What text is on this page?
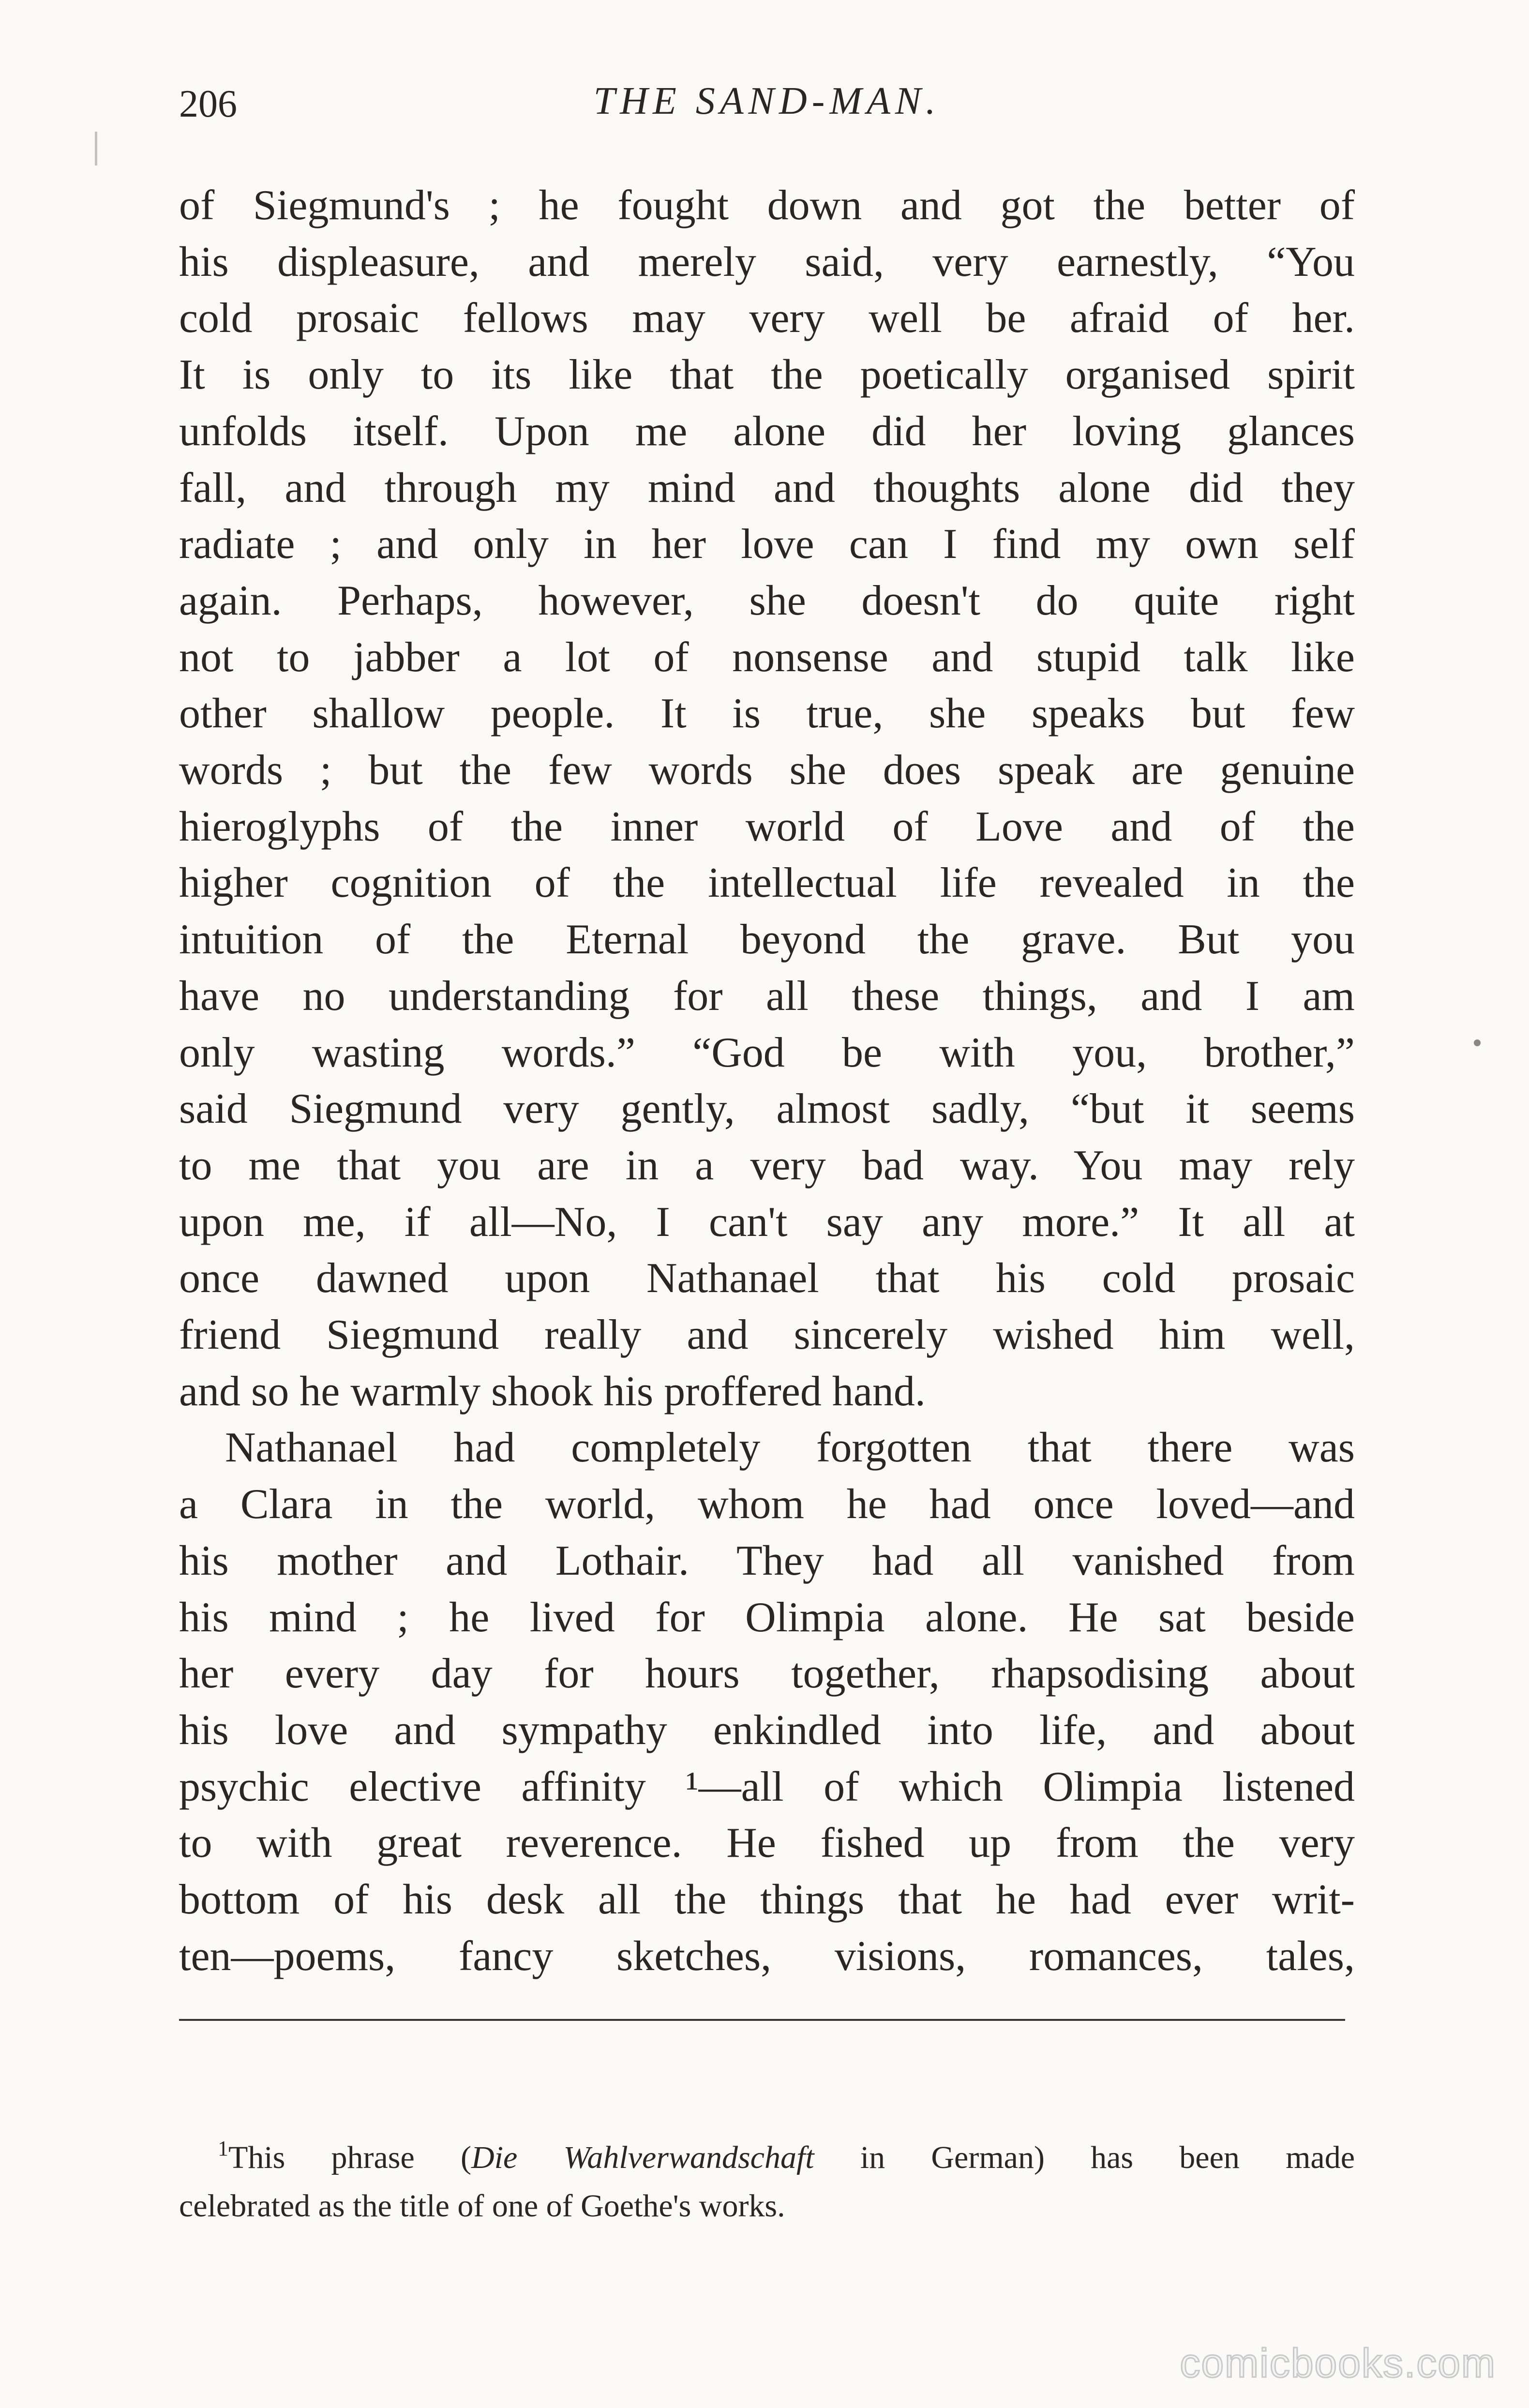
206	THE SAND-MAN.
of Siegmund's ; he fought down and got the better of
his displeasure, and merely said, very earnestly, “You
cold prosaic fellows may very well be afraid of her.
It is only to its like that the poetically organised spirit
unfolds itself. Upon me alone did her loving glances
fall, and through my mind and thoughts alone did they
radiate ; and only in her love can I find my own self
again. Perhaps, however, she doesn't do quite right
not to jabber a lot of nonsense and stupid talk like
other shallow people. It is true, she speaks but few
words ; but the few words she does speak are genuine
hieroglyphs of the inner world of Love and of the
higher cognition of the intellectual life revealed in the
intuition of the Eternal beyond the grave. But you
have no understanding for all these things, and I am
only wasting words.” “God be with you, brother,”
said Siegmund very gently, almost sadly, “but it seems
to me that you are in a very bad way. You may rely
upon me, if all—No, I can't say any more.” It all at
once dawned upon Nathanael that his cold prosaic
friend Siegmund really and sincerely wished him well,
and so he warmly shook his proffered hand.
Nathanael had completely forgotten that there was
a Clara in the world, whom he had once loved—and
his mother and Lothair. They had all vanished from
his mind ; he lived for Olimpia alone. He sat beside
her every day for hours together, rhapsodising about
his love and sympathy enkindled into life, and about
psychic elective affinity ¹—all of which Olimpia listened
to with great reverence. He fished up from the very
bottom of his desk all the things that he had ever writ-
ten—poems, fancy sketches, visions, romances, tales,
$^1$This phrase (Die Wahlverwandschaft in German) has been made
celebrated as the title of one of Goethe's works.
comicbooks.com
